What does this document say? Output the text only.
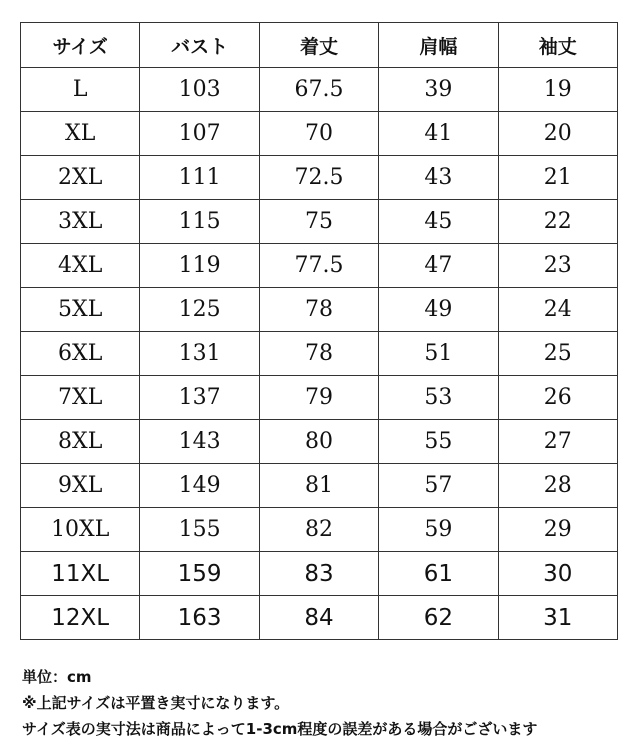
サイズ	バスト	着丈	肩幅	袖丈
L	103	67.5	39	19
XL	107	70	41	20
2XL	111	72.5	43	21
3XL	115	75	45	22
4XL	119	77.5	47	23
5XL	125	78	49	24
6XL	131	78	51	25
7XL	137	79	53	26
8XL	143	80	55	27
9XL	149	81	57	28
10XL	155	82	59	29
11XL	159	83	61	30
12XL	163	84	62	31
単位：cm
※上記サイズは平置き実寸になります。
サイズ表の実寸法は商品によって1-3cm程度の誤差がある場合がございます
